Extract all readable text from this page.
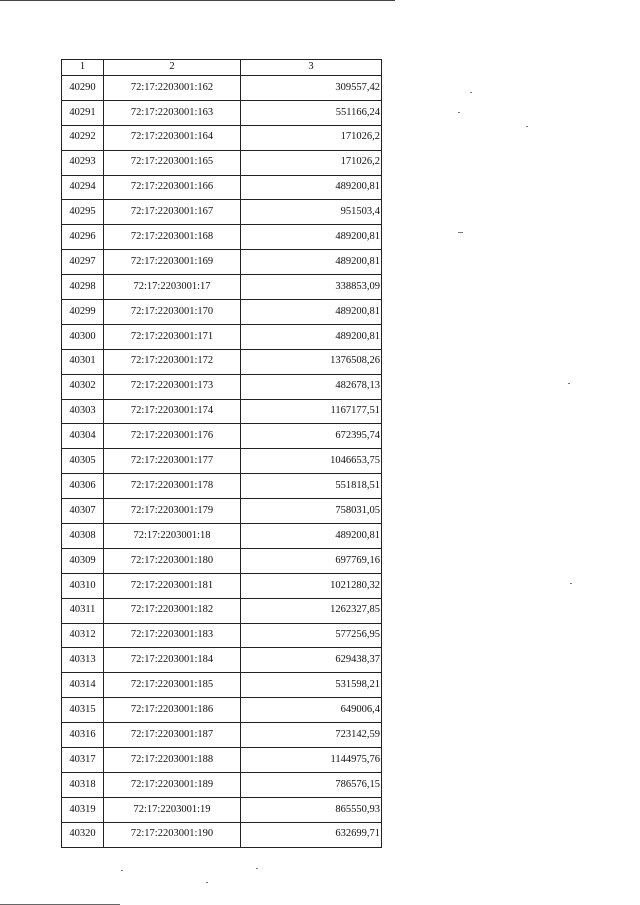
1	2	3
40290	72:17:2203001:162	309557,42
40291	72:17:2203001:163	551166,24
40292	72:17:2203001:164	171026,2
40293	72:17:2203001:165	171026,2
40294	72:17:2203001:166	489200,81
40295	72:17:2203001:167	951503,4
40296	72:17:2203001:168	489200,81
40297	72:17:2203001:169	489200,81
40298	72:17:2203001:17	338853,09
40299	72:17:2203001:170	489200,81
40300	72:17:2203001:171	489200,81
40301	72:17:2203001:172	1376508,26
40302	72:17:2203001:173	482678,13
40303	72:17:2203001:174	1167177,51
40304	72:17:2203001:176	672395,74
40305	72:17:2203001:177	1046653,75
40306	72:17:2203001:178	551818,51
40307	72:17:2203001:179	758031,05
40308	72:17:2203001:18	489200,81
40309	72:17:2203001:180	697769,16
40310	72:17:2203001:181	1021280,32
40311	72:17:2203001:182	1262327,85
40312	72:17:2203001:183	577256,95
40313	72:17:2203001:184	629438,37
40314	72:17:2203001:185	531598,21
40315	72:17:2203001:186	649006,4
40316	72:17:2203001:187	723142,59
40317	72:17:2203001:188	1144975,76
40318	72:17:2203001:189	786576,15
40319	72:17:2203001:19	865550,93
40320	72:17:2203001:190	632699,71
